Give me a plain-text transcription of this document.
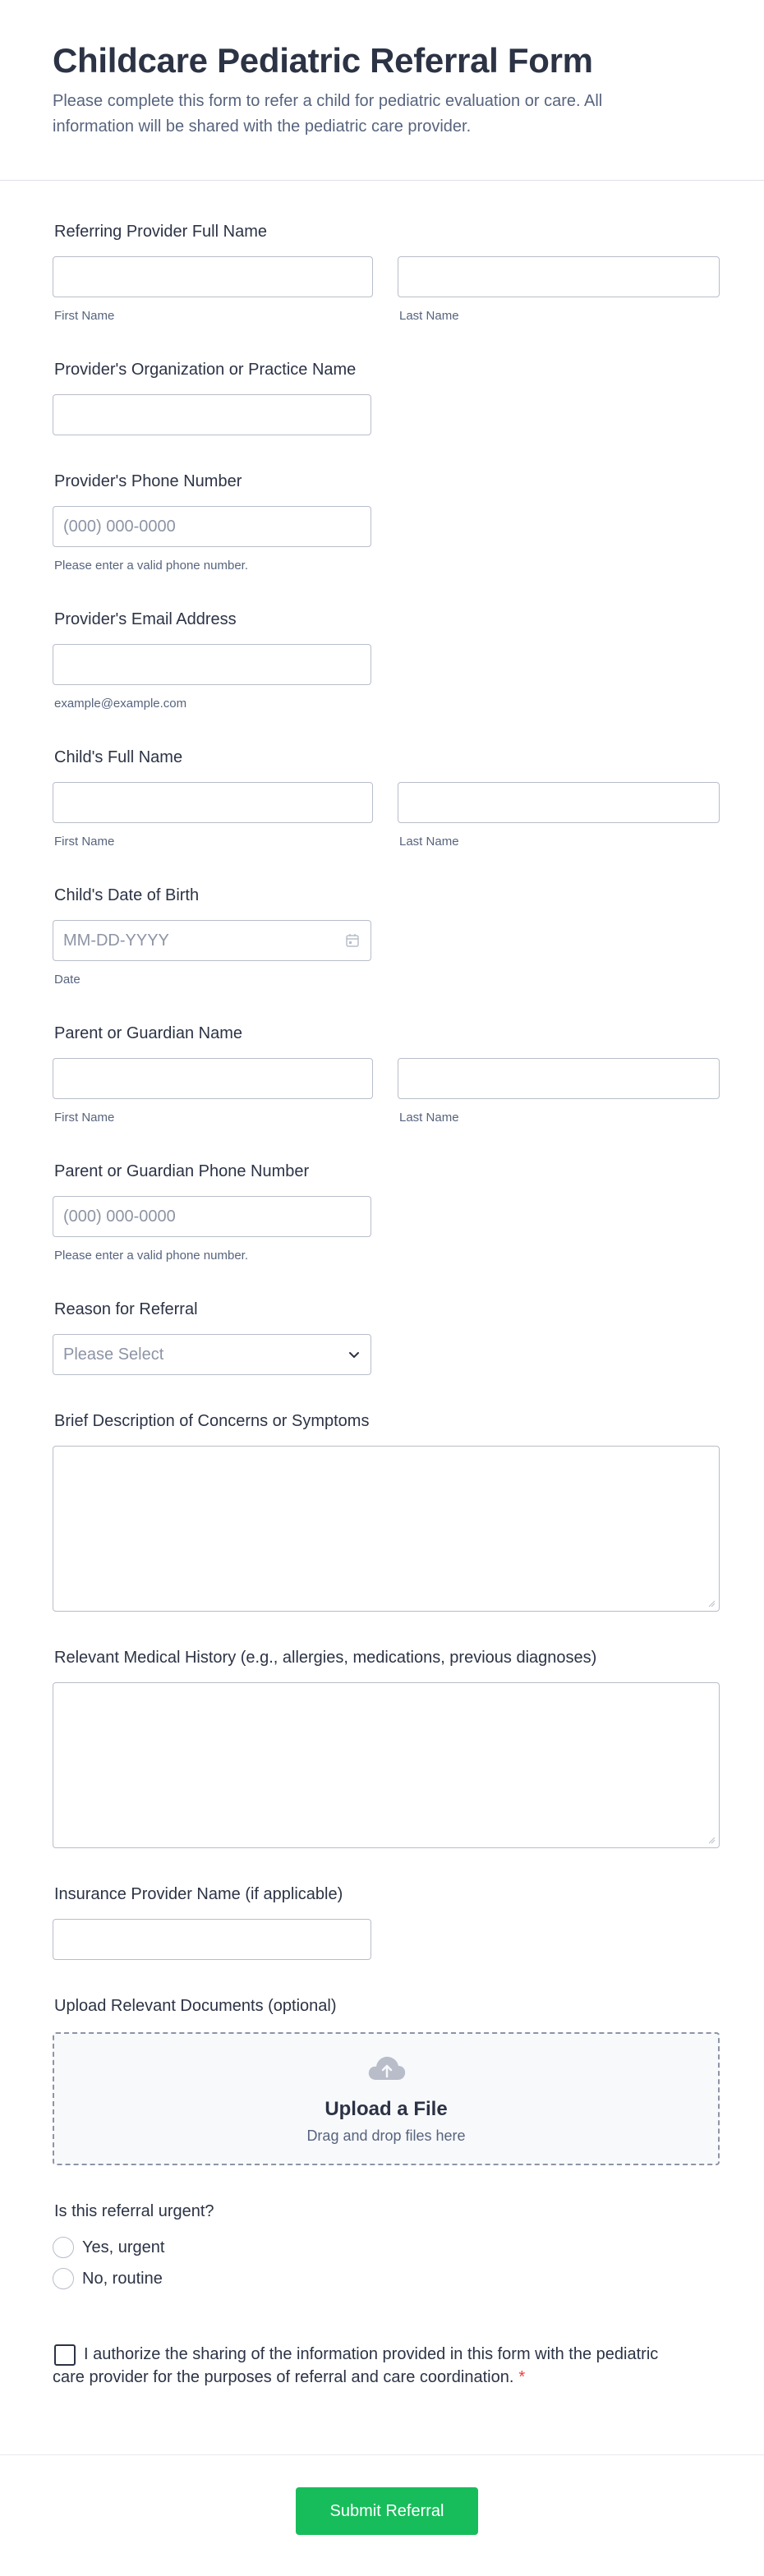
Childcare Pediatric Referral Form

Please complete this form to refer a child for pediatric evaluation or care. All information will be shared with the pediatric care provider.

Referring Provider Full Name
First Name	Last Name
Provider's Organization or Practice Name
Provider's Phone Number
(000) 000-0000
Please enter a valid phone number.
Provider's Email Address
example@example.com
Child's Full Name
First Name	Last Name
Child's Date of Birth
MM-DD-YYYY
Date
Parent or Guardian Name
First Name	Last Name
Parent or Guardian Phone Number
(000) 000-0000
Please enter a valid phone number.
Reason for Referral
Please Select
Brief Description of Concerns or Symptoms
Relevant Medical History (e.g., allergies, medications, previous diagnoses)
Insurance Provider Name (if applicable)
Upload Relevant Documents (optional)
Upload a File
Drag and drop files here
Is this referral urgent?
Yes, urgent
No, routine

I authorize the sharing of the information provided in this form with the pediatric care provider for the purposes of referral and care coordination. *

Submit Referral
